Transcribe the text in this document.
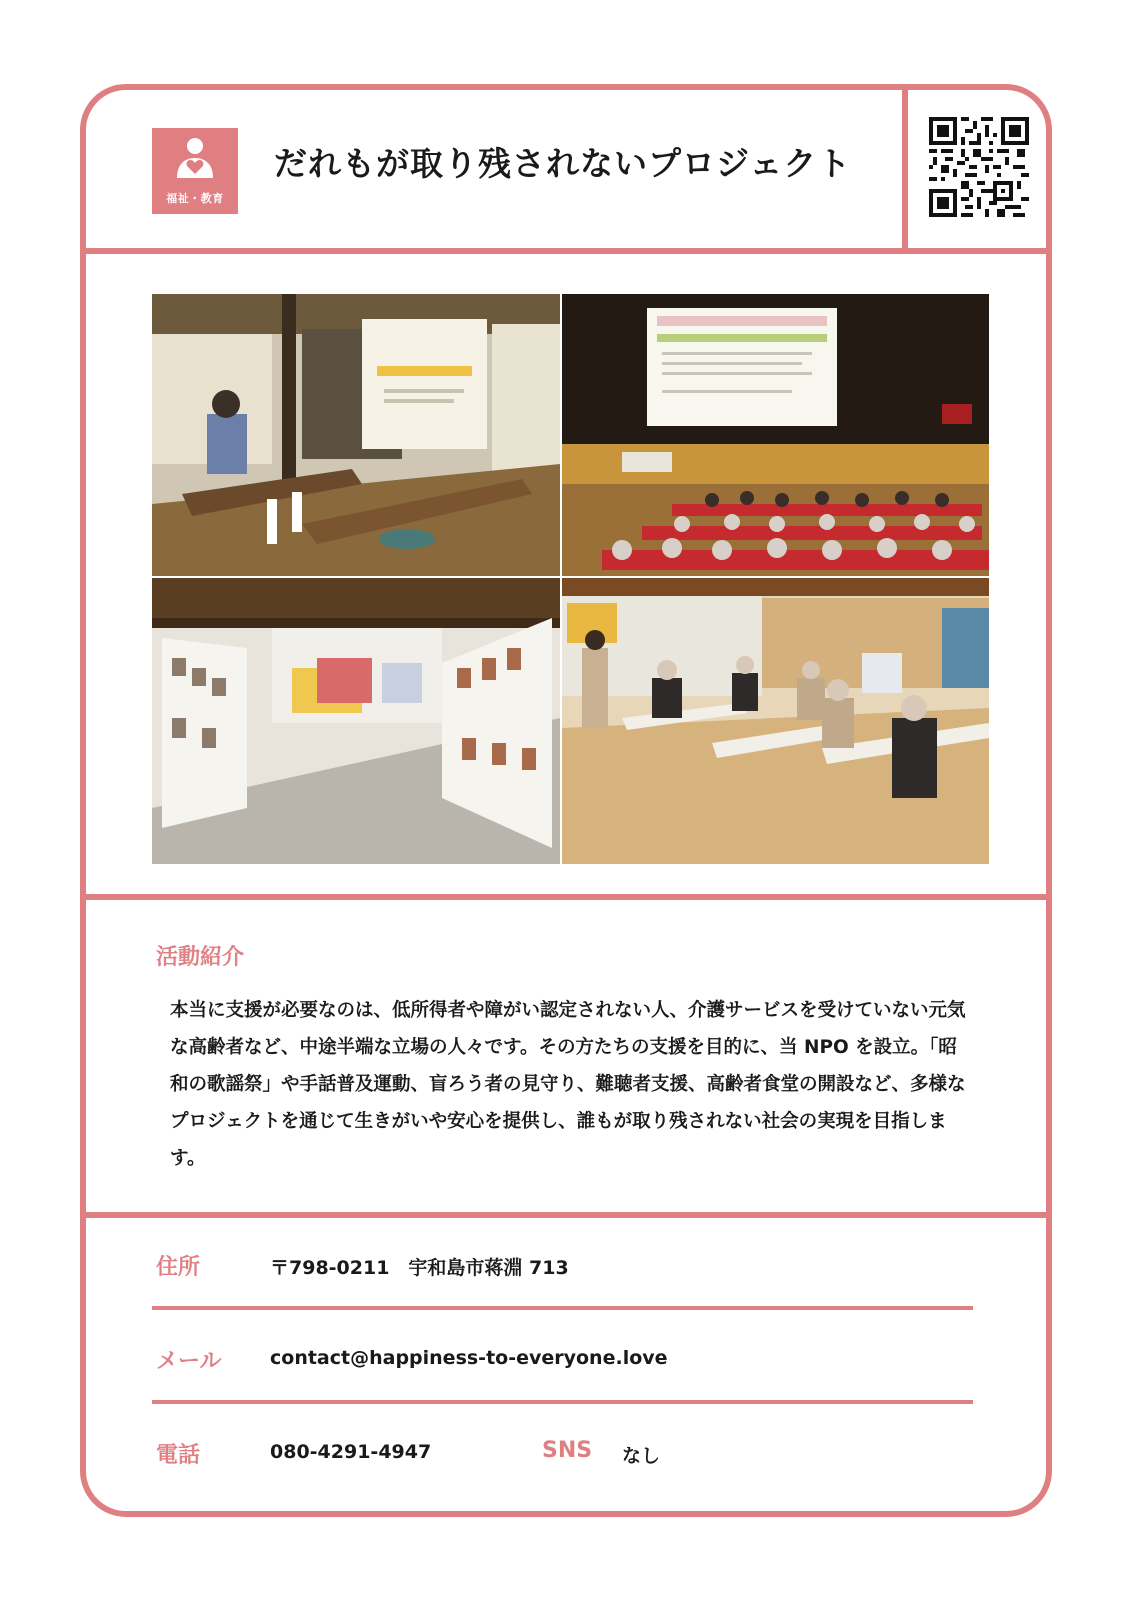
福祉・教育
だれもが取り残されないプロジェクト
活動紹介

本当に支援が必要なのは、低所得者や障がい認定されない人、介護サービスを受けていない元気な高齢者など、中途半端な立場の人々です。その方たちの支援を目的に、当 NPO を設立。「昭和の歌謡祭」や手話普及運動、盲ろう者の見守り、難聴者支援、高齢者食堂の開設など、多様なプロジェクトを通じて生きがいや安心を提供し、誰もが取り残されない社会の実現を目指します。

住所	〒798-0211　宇和島市蒋淵 713
メール	contact@happiness-to-everyone.love
電話	080-4291-4947	SNS なし
